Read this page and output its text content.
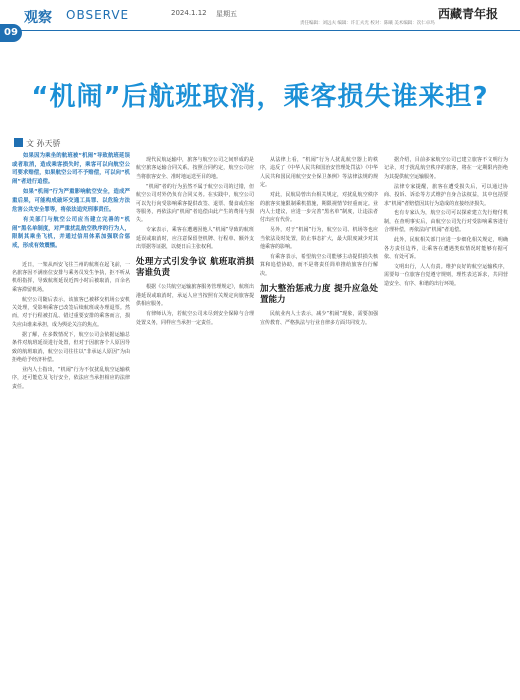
观察 OBSERVE	2024.1.12 星期五
责任编辑：刘远夫 编辑：许汇夫光 校对：陈曦 美术编辑：次仁卓玛
西藏青年报
09
“机闹”后航班取消，乘客损失谁来担?
文 孙天骄

如果因为乘坐的航班被“机闹”导致航班延误或者取消，造成乘客损失时，乘客可以向航空公司要求赔偿，如果航空公司不予赔偿，可以向“机闹”者进行追偿。

如果“机闹”行为严重影响航空安全，造成严重后果，可能构成破坏交通工具罪、以危险方法危害公共安全罪等，将依法追究刑事责任。

有关部门与航空公司应当建立完善的“机闹”黑名单制度，对严重扰乱航空秩序的行为人，限制其乘坐飞机，并通过信用体系加强联合惩戒，形成有效震慑。

近日，一架从西安飞往兰州的航班在起飞前，一名旅客因不满座位安排与乘务员发生争执，拒不听从机组指挥，导致航班延误近四小时后被取消，百余名乘客滞留机场。

航空公司随后表示，该旅客已被移交机场公安机关处理，受影响乘客已改签后续航班或办理退票。然而，对于行程被打乱、错过重要安排的乘客而言，损失应由谁来承担，成为舆论关注的焦点。

据了解，在多数情况下，航空公司会依据运输总条件对航班延误进行处置，但对于因旅客个人原因导致的航班取消，航空公司往往以“非承运人原因”为由拒绝给予经济补偿。

业内人士指出，“机闹”行为不仅扰乱航空运输秩序，还可能危及飞行安全，依法应当承担相应的法律责任。

现代民航运输中，旅客与航空公司之间形成的是航空旅客运输合同关系。按照合同约定，航空公司应当将旅客安全、准时地运送至目的地。

“机闹”者的行为虽然不属于航空公司的过错，但航空公司对外仍负有合同义务。在实践中，航空公司可以先行向受影响乘客提供改签、退票、餐食或住宿等服务，再依法向“机闹”者追偿由此产生的费用与损失。

专家表示，乘客在遭遇因他人“机闹”导致的航班延误或取消时，应注意保留登机牌、行程单、额外支出票据等证据，以便日后主张权利。

处理方式引发争议 航班取消损害谁负责

根据《公共航空运输旅客服务管理规定》，航班出港延误或取消时，承运人应当按照有关规定向旅客提供相应服务。

有律师认为，若航空公司未尽到安全保障与合理处置义务，同样应当承担一定责任。

从法律上看，“机闹”行为人扰乱航空器上的秩序，违反了《中华人民共和国治安管理处罚法》《中华人民共和国民用航空安全保卫条例》等法律法规的规定。

对此，民航局曾出台相关规定，对扰乱航空秩序的旅客实施限制乘机措施，期限视情节轻重而定。业内人士建议，应进一步完善“黑名单”制度，让违法者付出应有代价。

另外，对于“机闹”行为，航空公司、机场等也应当依法及时处置，防止事态扩大，最大限度减少对其他乘客的影响。

有乘客表示，希望航空公司能够主动提供损失核算和追偿协助，而不是将责任简单推给旅客自行解决。

加大整治惩戒力度 提升应急处置能力

民航业内人士表示，减少“机闹”现象，需要加强宣传教育、严格执法与行业自律多方面共同发力。

据介绍，目前多家航空公司已建立旅客不文明行为记录，对于扰乱航空秩序的旅客，将在一定期限内拒绝为其提供航空运输服务。

法律专家提醒，旅客在遭受损失后，可以通过协商、投诉、诉讼等方式维护自身合法权益，其中包括要求“机闹”者赔偿因其行为造成的直接经济损失。

也有专家认为，航空公司可以探索建立先行赔付机制，在查明事实后，由航空公司先行对受影响乘客进行合理补偿，再依法向“机闹”者追偿。

此外，民航相关部门应进一步细化相关规定，明确各方责任边界，让乘客在遭遇类似情况时能够有据可依、有处可诉。

文明出行，人人有责。维护良好的航空运输秩序，需要每一位旅客自觉遵守规则，理性表达诉求，共同营造安全、有序、和谐的出行环境。
